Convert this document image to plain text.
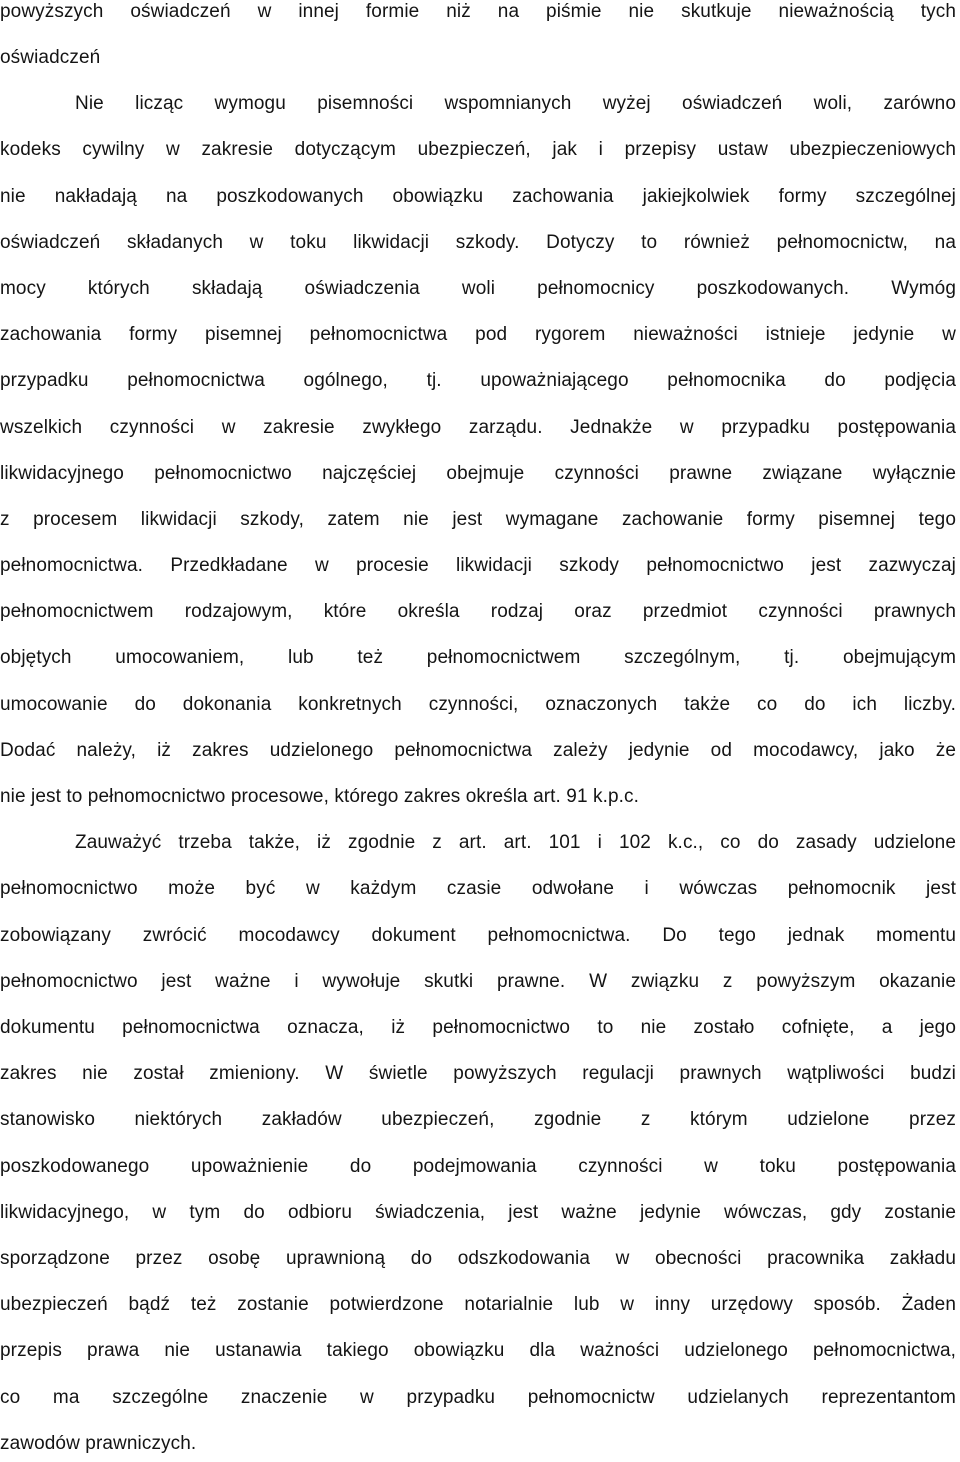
powyższych oświadczeń w innej formie niż na piśmie nie skutkuje nieważnością tych
oświadczeń
Nie licząc wymogu pisemności wspomnianych wyżej oświadczeń woli, zarówno
kodeks cywilny w zakresie dotyczącym ubezpieczeń, jak i przepisy ustaw ubezpieczeniowych
nie nakładają na poszkodowanych obowiązku zachowania jakiejkolwiek formy szczególnej
oświadczeń składanych w toku likwidacji szkody. Dotyczy to również pełnomocnictw, na
mocy których składają oświadczenia woli pełnomocnicy poszkodowanych. Wymóg
zachowania formy pisemnej pełnomocnictwa pod rygorem nieważności istnieje jedynie w
przypadku pełnomocnictwa ogólnego, tj. upoważniającego pełnomocnika do podjęcia
wszelkich czynności w zakresie zwykłego zarządu. Jednakże w przypadku postępowania
likwidacyjnego pełnomocnictwo najczęściej obejmuje czynności prawne związane wyłącznie
z procesem likwidacji szkody, zatem nie jest wymagane zachowanie formy pisemnej tego
pełnomocnictwa. Przedkładane w procesie likwidacji szkody pełnomocnictwo jest zazwyczaj
pełnomocnictwem rodzajowym, które określa rodzaj oraz przedmiot czynności prawnych
objętych umocowaniem, lub też pełnomocnictwem szczególnym, tj. obejmującym
umocowanie do dokonania konkretnych czynności, oznaczonych także co do ich liczby.
Dodać należy, iż zakres udzielonego pełnomocnictwa zależy jedynie od mocodawcy, jako że
nie jest to pełnomocnictwo procesowe, którego zakres określa art. 91 k.p.c.
Zauważyć trzeba także, iż zgodnie z art. art. 101 i 102 k.c., co do zasady udzielone
pełnomocnictwo może być w każdym czasie odwołane i wówczas pełnomocnik jest
zobowiązany zwrócić mocodawcy dokument pełnomocnictwa. Do tego jednak momentu
pełnomocnictwo jest ważne i wywołuje skutki prawne. W związku z powyższym okazanie
dokumentu pełnomocnictwa oznacza, iż pełnomocnictwo to nie zostało cofnięte, a jego
zakres nie został zmieniony. W świetle powyższych regulacji prawnych wątpliwości budzi
stanowisko niektórych zakładów ubezpieczeń, zgodnie z którym udzielone przez
poszkodowanego upoważnienie do podejmowania czynności w toku postępowania
likwidacyjnego, w tym do odbioru świadczenia, jest ważne jedynie wówczas, gdy zostanie
sporządzone przez osobę uprawnioną do odszkodowania w obecności pracownika zakładu
ubezpieczeń bądź też zostanie potwierdzone notarialnie lub w inny urzędowy sposób. Żaden
przepis prawa nie ustanawia takiego obowiązku dla ważności udzielonego pełnomocnictwa,
co ma szczególne znaczenie w przypadku pełnomocnictw udzielanych reprezentantom
zawodów prawniczych.
